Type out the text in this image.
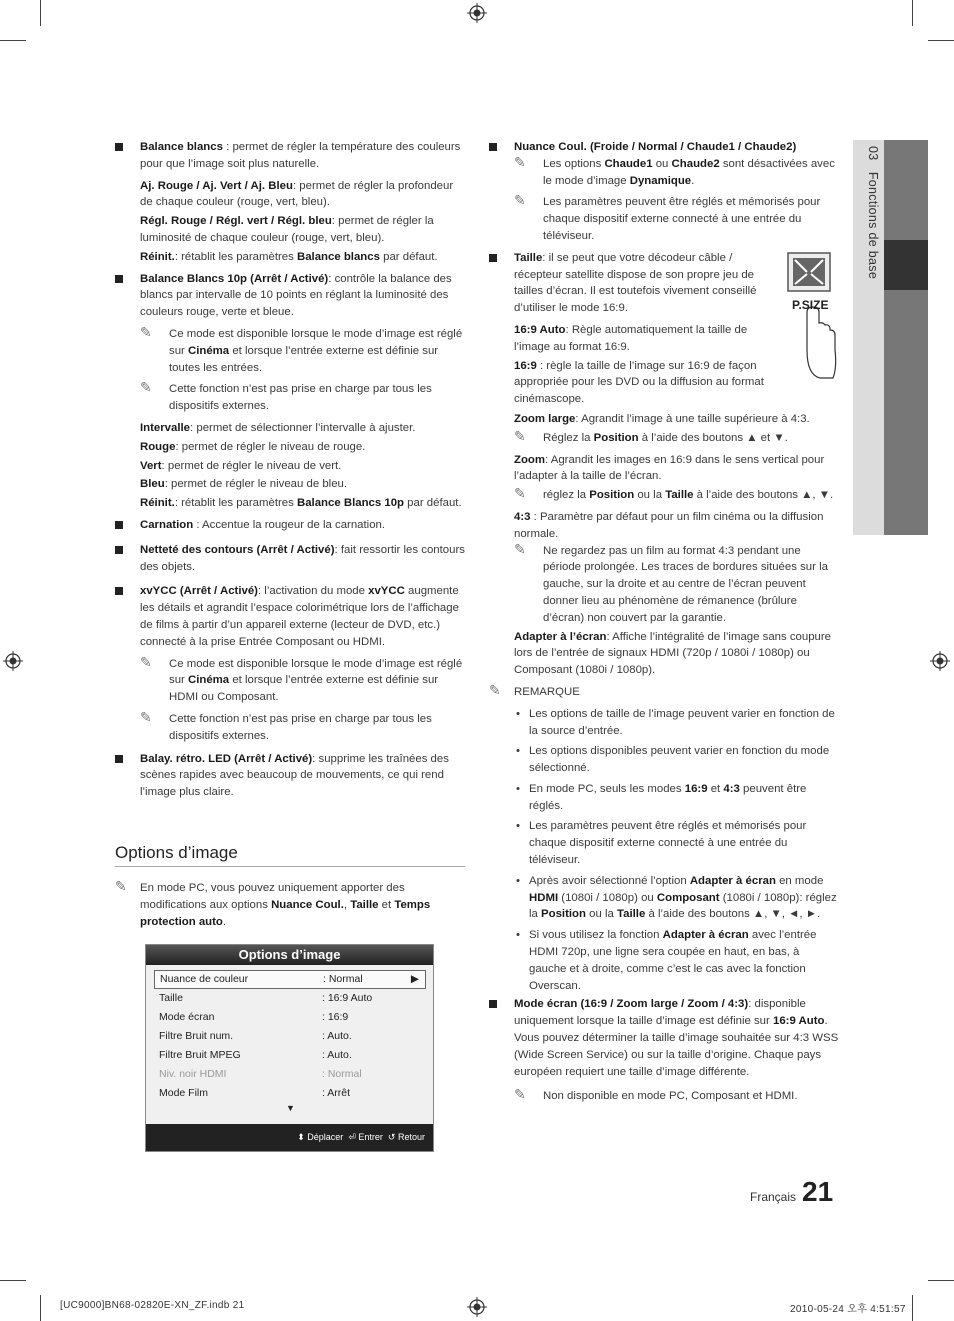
03   Fonctions de base
Balance blancs : permet de régler la température des couleurs pour que l’image soit plus naturelle.
Aj. Rouge / Aj. Vert / Aj. Bleu: permet de régler la profondeur de chaque couleur (rouge, vert, bleu).
Régl. Rouge / Régl. vert / Régl. bleu: permet de régler la luminosité de chaque couleur (rouge, vert, bleu).
Réinit.: rétablit les paramètres Balance blancs par défaut.
Balance Blancs 10p (Arrêt / Activé): contrôle la balance des blancs par intervalle de 10 points en réglant la luminosité des couleurs rouge, verte et bleue.
✎ Ce mode est disponible lorsque le mode d’image est réglé sur Cinéma et lorsque l’entrée externe est définie sur toutes les entrées.
✎ Cette fonction n’est pas prise en charge par tous les dispositifs externes.
Intervalle: permet de sélectionner l’intervalle à ajuster.
Rouge: permet de régler le niveau de rouge.
Vert: permet de régler le niveau de vert.
Bleu: permet de régler le niveau de bleu.
Réinit.: rétablit les paramètres Balance Blancs 10p par défaut.
Carnation : Accentue la rougeur de la carnation.
Netteté des contours (Arrêt / Activé): fait ressortir les contours des objets.
xvYCC (Arrêt / Activé): l’activation du mode xvYCC augmente les détails et agrandit l’espace colorimétrique lors de l’affichage de films à partir d’un appareil externe (lecteur de DVD, etc.) connecté à la prise Entrée Composant ou HDMI.
✎ Ce mode est disponible lorsque le mode d’image est réglé sur Cinéma et lorsque l’entrée externe est définie sur HDMI ou Composant.
✎ Cette fonction n’est pas prise en charge par tous les dispositifs externes.
Balay. rétro. LED (Arrêt / Activé): supprime les traînées des scènes rapides avec beaucoup de mouvements, ce qui rend l’image plus claire.
Options d’image
✎ En mode PC, vous pouvez uniquement apporter des modifications aux options Nuance Coul., Taille et Temps protection auto.
Options d’image
Nuance de couleur	: Normal	▶
Taille	: 16:9 Auto
Mode écran	: 16:9
Filtre Bruit num.	: Auto.
Filtre Bruit MPEG	: Auto.
Niv. noir HDMI	: Normal
Mode Film	: Arrêt
▼
⬍ Déplacer ⏎ Entrer ↺ Retour
Nuance Coul. (Froide / Normal / Chaude1 / Chaude2)
✎ Les options Chaude1 ou Chaude2 sont désactivées avec le mode d’image Dynamique.
✎ Les paramètres peuvent être réglés et mémorisés pour chaque dispositif externe connecté à une entrée du téléviseur.
Taille: il se peut que votre décodeur câble / récepteur satellite dispose de son propre jeu de tailles d’écran. Il est toutefois vivement conseillé d’utiliser le mode 16:9.
16:9 Auto: Règle automatiquement la taille de l’image au format 16:9.
16:9 : règle la taille de l’image sur 16:9 de façon appropriée pour les DVD ou la diffusion au format cinémascope.
Zoom large: Agrandit l’image à une taille supérieure à 4:3.
✎ Réglez la Position à l’aide des boutons ▲ et ▼.
Zoom: Agrandit les images en 16:9 dans le sens vertical pour l’adapter à la taille de l’écran.
✎ réglez la Position ou la Taille à l’aide des boutons ▲, ▼.
4:3 : Paramètre par défaut pour un film cinéma ou la diffusion normale.
✎ Ne regardez pas un film au format 4:3 pendant une période prolongée. Les traces de bordures situées sur la gauche, sur la droite et au centre de l’écran peuvent donner lieu au phénomène de rémanence (brûlure d’écran) non couvert par la garantie.
Adapter à l’écran: Affiche l’intégralité de l’image sans coupure lors de l’entrée de signaux HDMI (720p / 1080i / 1080p) ou Composant (1080i / 1080p).
✎ REMARQUE
• Les options de taille de l’image peuvent varier en fonction de la source d’entrée.
• Les options disponibles peuvent varier en fonction du mode sélectionné.
• En mode PC, seuls les modes 16:9 et 4:3 peuvent être réglés.
• Les paramètres peuvent être réglés et mémorisés pour chaque dispositif externe connecté à une entrée du téléviseur.
• Après avoir sélectionné l’option Adapter à écran en mode HDMI (1080i / 1080p) ou Composant (1080i / 1080p): réglez la Position ou la Taille à l’aide des boutons ▲, ▼, ◄, ►.
• Si vous utilisez la fonction Adapter à écran avec l’entrée HDMI 720p, une ligne sera coupée en haut, en bas, à gauche et à droite, comme c’est le cas avec la fonction Overscan.
Mode écran (16:9 / Zoom large / Zoom / 4:3): disponible uniquement lorsque la taille d’image est définie sur 16:9 Auto. Vous pouvez déterminer la taille d’image souhaitée sur 4:3 WSS (Wide Screen Service) ou sur la taille d’origine. Chaque pays européen requiert une taille d’image différente.
✎ Non disponible en mode PC, Composant et HDMI.
P.SIZE
Français 21
[UC9000]BN68-02820E-XN_ZF.indb 21	2010-05-24 오후 4:51:57
